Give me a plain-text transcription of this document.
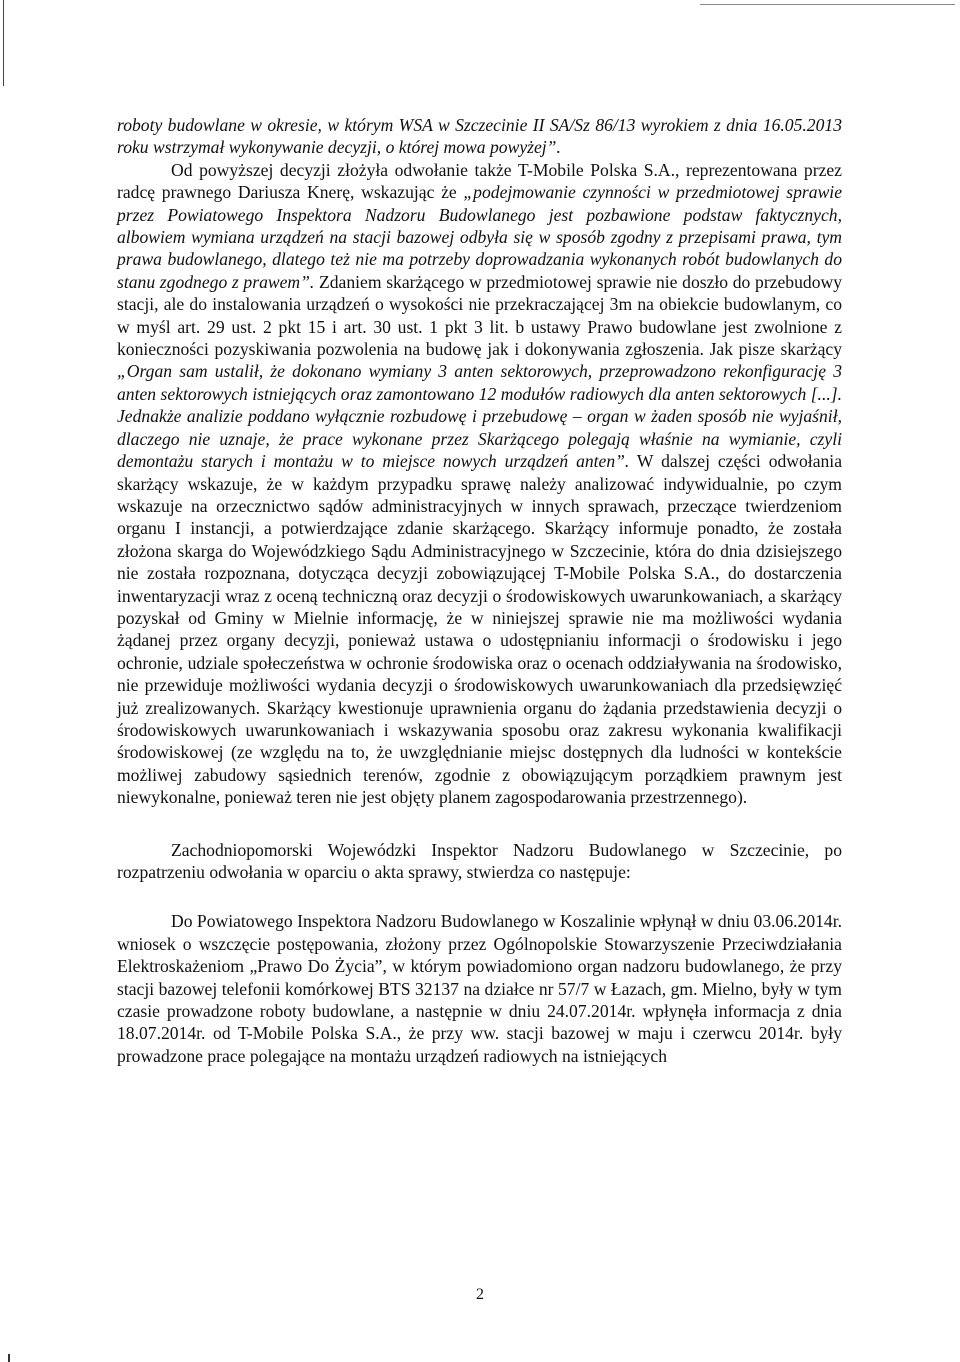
roboty budowlane w okresie, w którym WSA w Szczecinie II SA/Sz 86/13 wyrokiem z dnia 16.05.2013 roku wstrzymał wykonywanie decyzji, o której mowa powyżej”.

Od powyższej decyzji złożyła odwołanie także T-Mobile Polska S.A., reprezentowana przez radcę prawnego Dariusza Knerę, wskazując że „podejmowanie czynności w przedmiotowej sprawie przez Powiatowego Inspektora Nadzoru Budowlanego jest pozbawione podstaw faktycznych, albowiem wymiana urządzeń na stacji bazowej odbyła się w sposób zgodny z przepisami prawa, tym prawa budowlanego, dlatego też nie ma potrzeby doprowadzania wykonanych robót budowlanych do stanu zgodnego z prawem”. Zdaniem skarżącego w przedmiotowej sprawie nie doszło do przebudowy stacji, ale do instalowania urządzeń o wysokości nie przekraczającej 3m na obiekcie budowlanym, co w myśl art. 29 ust. 2 pkt 15 i art. 30 ust. 1 pkt 3 lit. b ustawy Prawo budowlane jest zwolnione z konieczności pozyskiwania pozwolenia na budowę jak i dokonywania zgłoszenia. Jak pisze skarżący „Organ sam ustalił, że dokonano wymiany 3 anten sektorowych, przeprowadzono rekonfigurację 3 anten sektorowych istniejących oraz zamontowano 12 modułów radiowych dla anten sektorowych [...]. Jednakże analizie poddano wyłącznie rozbudowę i przebudowę – organ w żaden sposób nie wyjaśnił, dlaczego nie uznaje, że prace wykonane przez Skarżącego polegają właśnie na wymianie, czyli demontażu starych i montażu w to miejsce nowych urządzeń anten”. W dalszej części odwołania skarżący wskazuje, że w każdym przypadku sprawę należy analizować indywidualnie, po czym wskazuje na orzecznictwo sądów administracyjnych w innych sprawach, przeczące twierdzeniom organu I instancji, a potwierdzające zdanie skarżącego. Skarżący informuje ponadto, że została złożona skarga do Wojewódzkiego Sądu Administracyjnego w Szczecinie, która do dnia dzisiejszego nie została rozpoznana, dotycząca decyzji zobowiązującej T-Mobile Polska S.A., do dostarczenia inwentaryzacji wraz z oceną techniczną oraz decyzji o środowiskowych uwarunkowaniach, a skarżący pozyskał od Gminy w Mielnie informację, że w niniejszej sprawie nie ma możliwości wydania żądanej przez organy decyzji, ponieważ ustawa o udostępnianiu informacji o środowisku i jego ochronie, udziale społeczeństwa w ochronie środowiska oraz o ocenach oddziaływania na środowisko, nie przewiduje możliwości wydania decyzji o środowiskowych uwarunkowaniach dla przedsięwzięć już zrealizowanych. Skarżący kwestionuje uprawnienia organu do żądania przedstawienia decyzji o środowiskowych uwarunkowaniach i wskazywania sposobu oraz zakresu wykonania kwalifikacji środowiskowej (ze względu na to, że uwzględnianie miejsc dostępnych dla ludności w kontekście możliwej zabudowy sąsiednich terenów, zgodnie z obowiązującym porządkiem prawnym jest niewykonalne, ponieważ teren nie jest objęty planem zagospodarowania przestrzennego).

Zachodniopomorski Wojewódzki Inspektor Nadzoru Budowlanego w Szczecinie, po rozpatrzeniu odwołania w oparciu o akta sprawy, stwierdza co następuje:

Do Powiatowego Inspektora Nadzoru Budowlanego w Koszalinie wpłynął w dniu 03.06.2014r. wniosek o wszczęcie postępowania, złożony przez Ogólnopolskie Stowarzyszenie Przeciwdziałania Elektroskażeniom „Prawo Do Życia”, w którym powiadomiono organ nadzoru budowlanego, że przy stacji bazowej telefonii komórkowej BTS 32137 na działce nr 57/7 w Łazach, gm. Mielno, były w tym czasie prowadzone roboty budowlane, a następnie w dniu 24.07.2014r. wpłynęła informacja z dnia 18.07.2014r. od T-Mobile Polska S.A., że przy ww. stacji bazowej w maju i czerwcu 2014r. były prowadzone prace polegające na montażu urządzeń radiowych na istniejących

2
